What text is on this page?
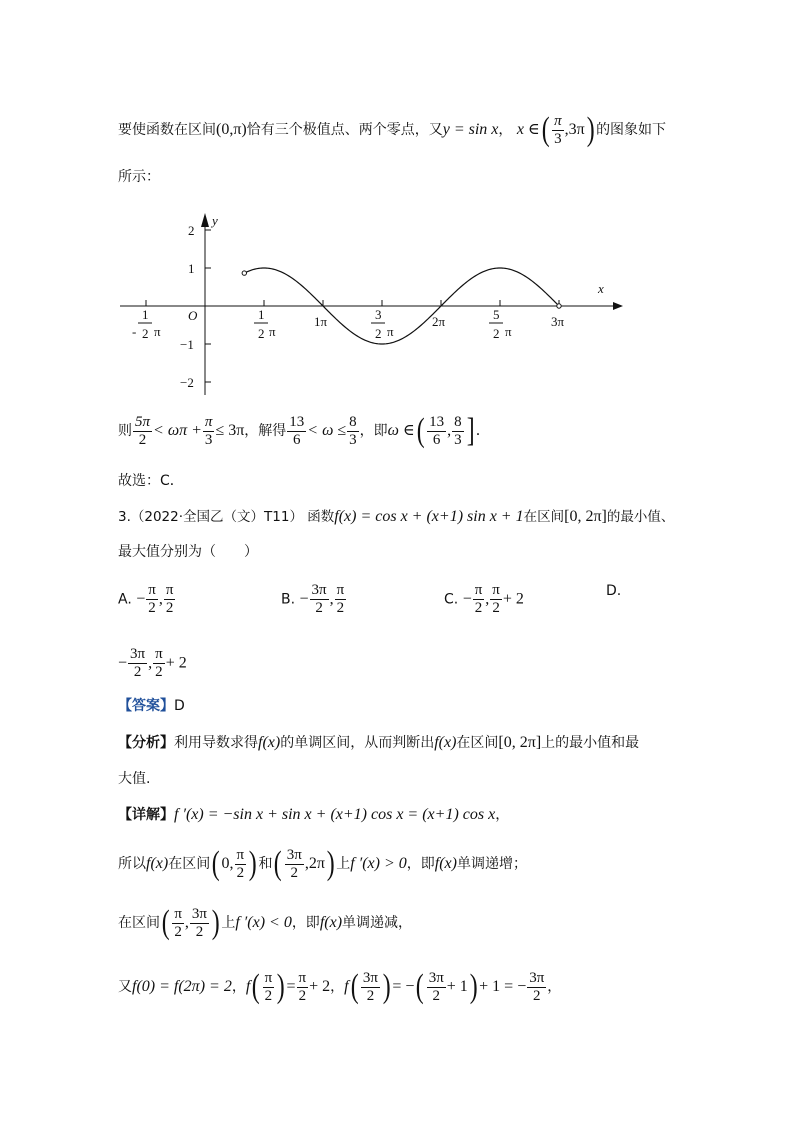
要使函数在区间(0,π)恰有三个极值点、两个零点，又y = sin x， x ∈( $\frac{\pi}{3} ,3\pi$) 的图象如下
所示：
y
x
O
2
1
−1
−2
1
- 2 π
1
2 π
1π	3
2 π
2π	5
2 π
3π
则 $\frac{5\pi}{2} < \omega\pi + \frac{\pi}{3} \le 3\pi$，解得 $\frac{13}{6} < \omega \le \frac{8}{3}$ ，即ω ∈( $\frac{13}{6}$ , $\frac{8}{3}$ ] .
故选：C．
3.（2022·全国乙（文）T11） 函数f(x) = cos x + (x+1) sin x + 1在区间[0, 2π]的最小值、
最大值分别为（　　）
A. − $\frac{\pi}{2}$ , $\frac{\pi}{2}$	B. − $\frac{3\pi}{2}$ , $\frac{\pi}{2}$	C. − $\frac{\pi}{2}$ , $\frac{\pi}{2} + 2$	D.
− $\frac{3\pi}{2}$ , $\frac{\pi}{2} + 2$
【答案】D
【分析】利用导数求得f(x)的单调区间，从而判断出f(x)在区间[0, 2π]上的最小值和最
大值.
【详解】f ′(x) = −sin x + sin x + (x+1) cos x = (x+1) cos x，
所以f(x)在区间( 0, $\frac{\pi}{2}$ ) 和( $\frac{3\pi}{2} ,2\pi$) 上f ′(x) > 0，即f(x)单调递增；
在区间( $\frac{\pi}{2}$ , $\frac{3\pi}{2}$ ) 上f ′(x) < 0，即f(x)单调递减，
又f(0) = f(2π) = 2，$f( \frac{\pi}{2}$ ) = $\frac{\pi}{2} + 2$，$f( \frac{3\pi}{2}$ ) = −( $\frac{3\pi}{2} + 1) + 1$ = − $\frac{3\pi}{2}$ ，
